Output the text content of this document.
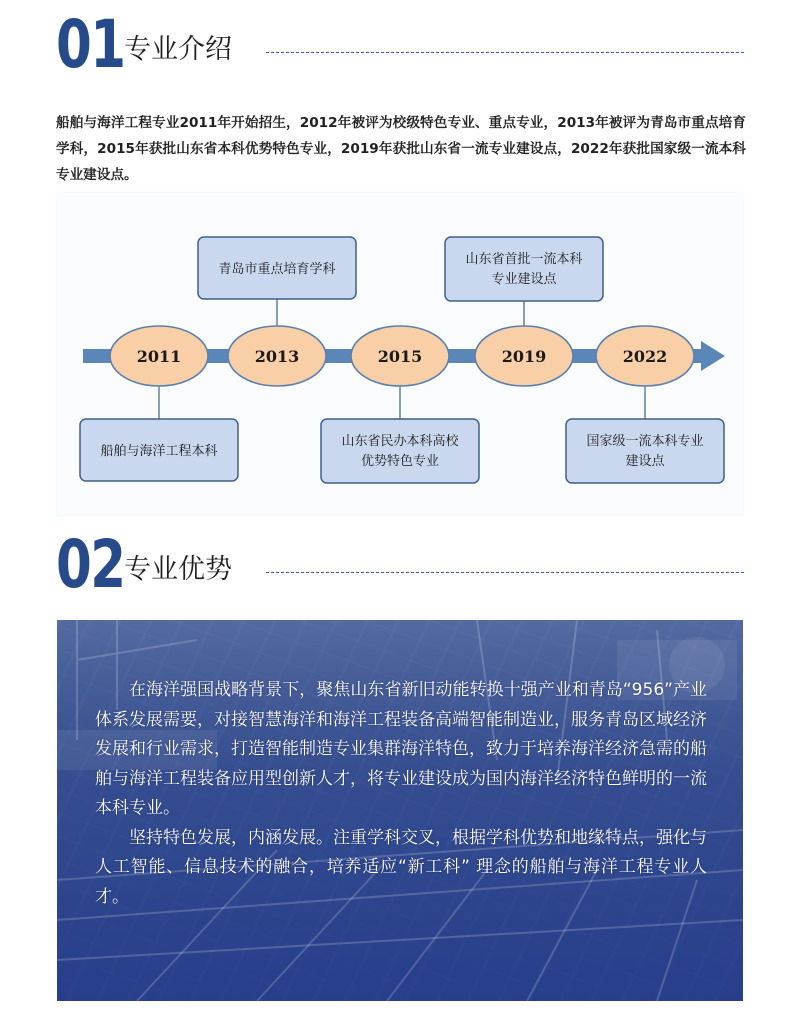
01 专业介绍

船舶与海洋工程专业2011年开始招生，2012年被评为校级特色专业、重点专业，2013年被评为青岛市重点培育学科，2015年获批山东省本科优势特色专业，2019年获批山东省一流专业建设点，2022年获批国家级一流本科专业建设点。

船舶与海洋工程本科
2011
青岛市重点培育学科
2013
山东省民办本科高校
优势特色专业
2015
山东省首批一流本科
专业建设点
2019
国家级一流本科专业
建设点
2022
02 专业优势

在海洋强国战略背景下，聚焦山东省新旧动能转换十强产业和青岛“956”产业体系发展需要，对接智慧海洋和海洋工程装备高端智能制造业，服务青岛区域经济发展和行业需求，打造智能制造专业集群海洋特色，致力于培养海洋经济急需的船舶与海洋工程装备应用型创新人才，将专业建设成为国内海洋经济特色鲜明的一流本科专业。

坚持特色发展，内涵发展。注重学科交叉，根据学科优势和地缘特点，强化与人工智能、信息技术的融合，培养适应“新工科” 理念的船舶与海洋工程专业人才。
